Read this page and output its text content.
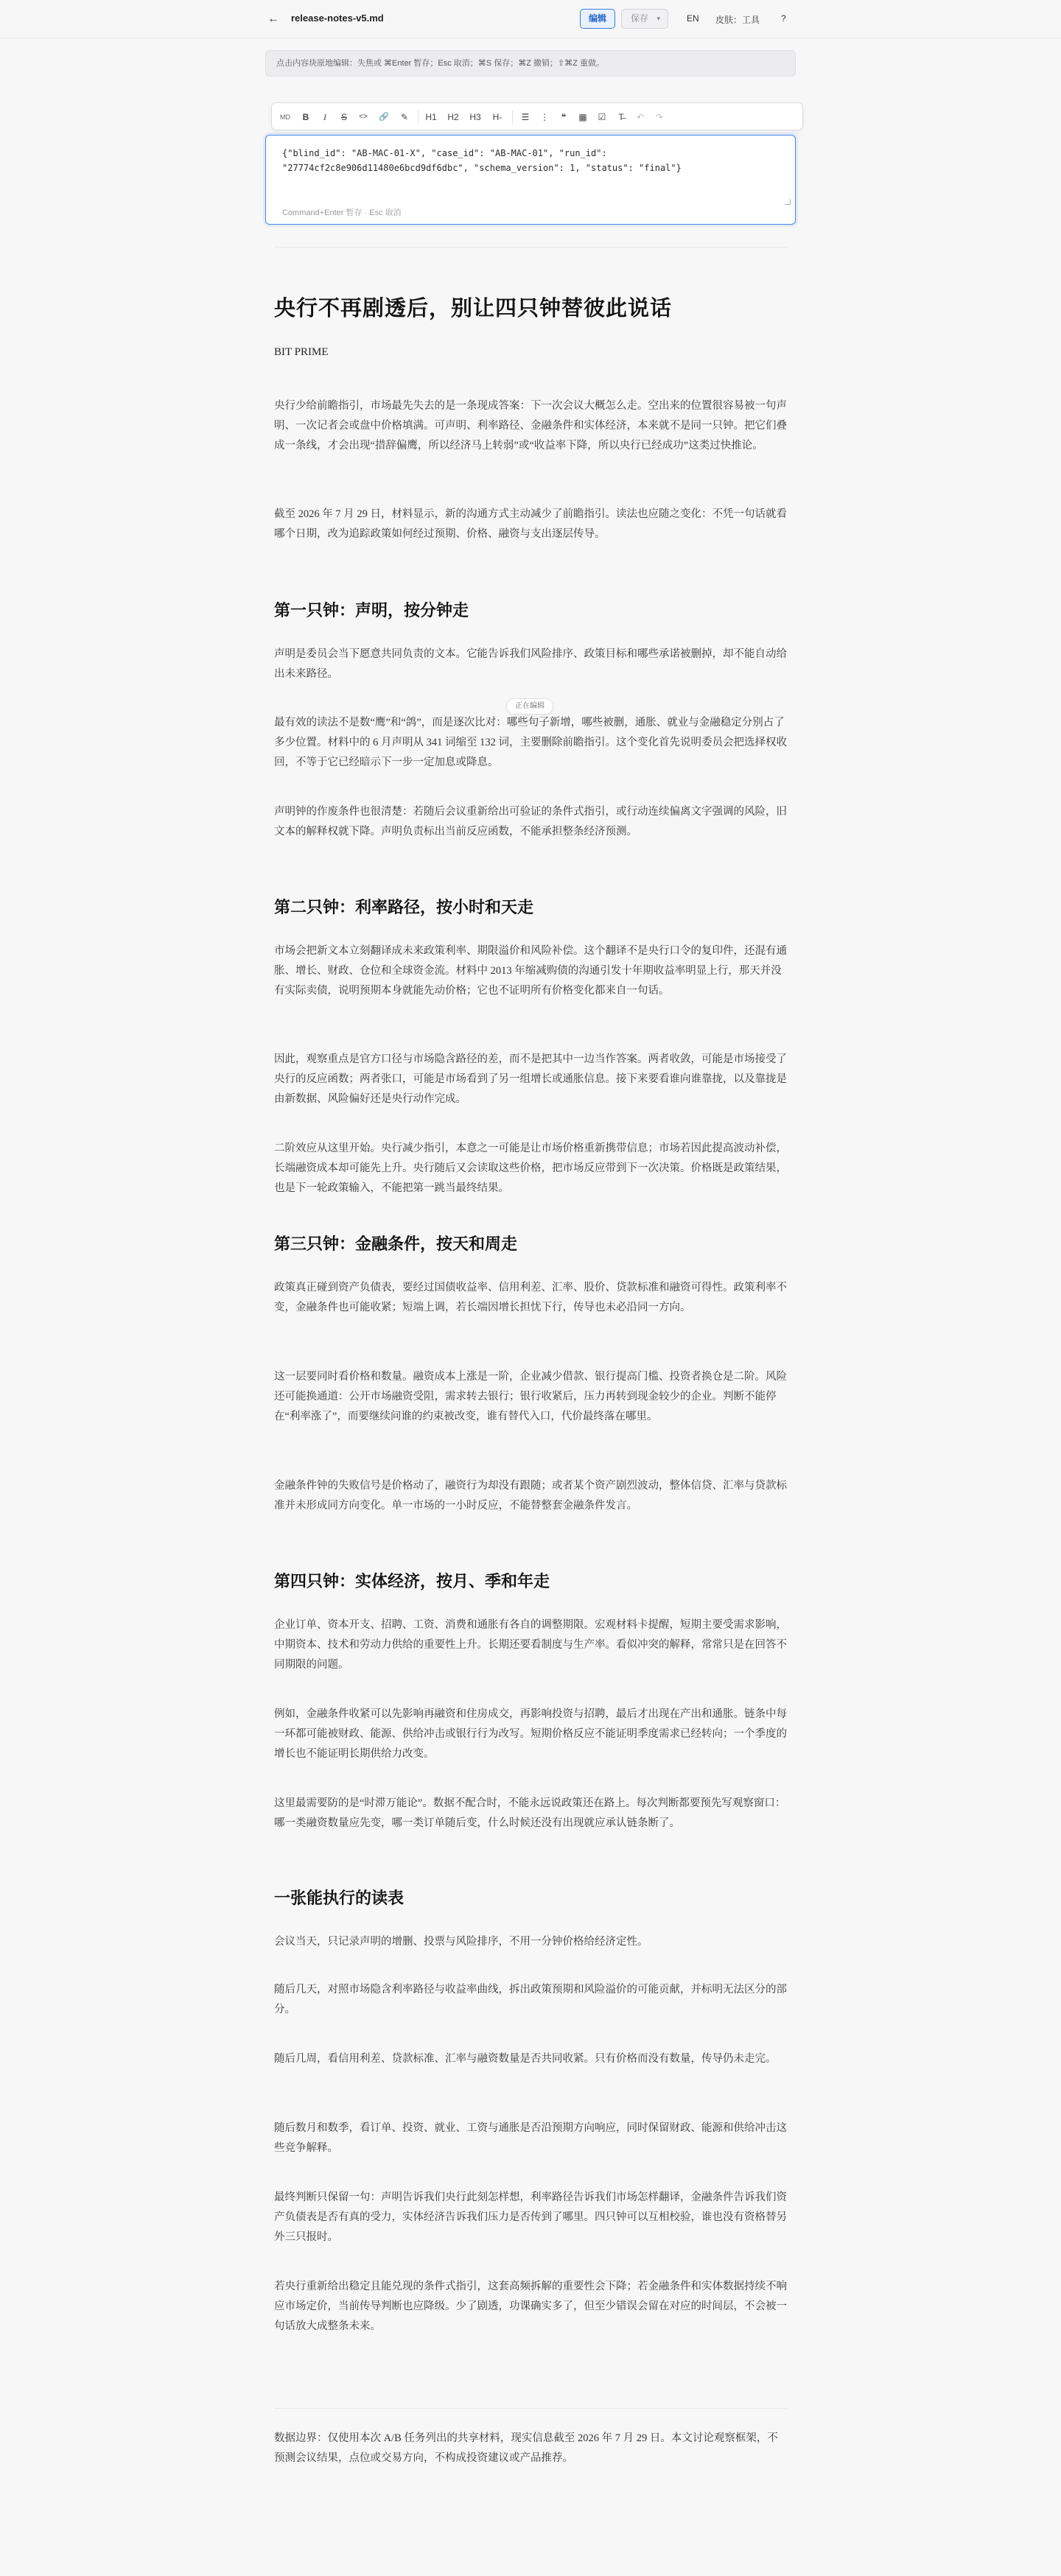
← release-notes-v5.md	编辑	保存 ▾	EN 皮肤：工具 ?
点击内容块原地编辑：失焦或 ⌘Enter 暂存；Esc 取消；⌘S 保存；⌘Z 撤销；⇧⌘Z 重做。
MD	B	I	S	<> 🔗 ✎ H1 H2 H3 H- ☰ ⋮	❝	▦ ☑	T̶	↶ ↷
{"blind_id": "AB-MAC-01-X", "case_id": "AB-MAC-01", "run_id":
"27774cf2c8e906d11480e6bcd9df6dbc", "schema_version": 1, "status": "final"}
Command+Enter 暂存 · Esc 取消
央行不再剧透后，别让四只钟替彼此说话
BIT PRIME
央行少给前瞻指引，市场最先失去的是一条现成答案：下一次会议大概怎么走。空出来的位置很容易被一句声明、一次记者会或盘中价格填满。可声明、利率路径、金融条件和实体经济，本来就不是同一只钟。把它们叠成一条线，才会出现“措辞偏鹰，所以经济马上转弱”或“收益率下降，所以央行已经成功”这类过快推论。
截至 2026 年 7 月 29 日，材料显示，新的沟通方式主动减少了前瞻指引。读法也应随之变化：不凭一句话就看哪个日期，改为追踪政策如何经过预期、价格、融资与支出逐层传导。
第一只钟：声明，按分钟走
声明是委员会当下愿意共同负责的文本。它能告诉我们风险排序、政策目标和哪些承诺被删掉，却不能自动给出未来路径。
最有效的读法不是数“鹰”和“鸽”，而是逐次比对：哪些句子新增，哪些被删，通胀、就业与金融稳定分别占了多少位置。材料中的 6 月声明从 341 词缩至 132 词，主要删除前瞻指引。这个变化首先说明委员会把选择权收回，不等于它已经暗示下一步一定加息或降息。
正在编辑
声明钟的作废条件也很清楚：若随后会议重新给出可验证的条件式指引，或行动连续偏离文字强调的风险，旧文本的解释权就下降。声明负责标出当前反应函数，不能承担整条经济预测。
第二只钟：利率路径，按小时和天走
市场会把新文本立刻翻译成未来政策利率、期限溢价和风险补偿。这个翻译不是央行口令的复印件，还混有通胀、增长、财政、仓位和全球资金流。材料中 2013 年缩减购债的沟通引发十年期收益率明显上行，那天并没有实际卖债，说明预期本身就能先动价格；它也不证明所有价格变化都来自一句话。
因此，观察重点是官方口径与市场隐含路径的差，而不是把其中一边当作答案。两者收敛，可能是市场接受了央行的反应函数；两者张口，可能是市场看到了另一组增长或通胀信息。接下来要看谁向谁靠拢，以及靠拢是由新数据、风险偏好还是央行动作完成。
二阶效应从这里开始。央行减少指引，本意之一可能是让市场价格重新携带信息；市场若因此提高波动补偿，长端融资成本却可能先上升。央行随后又会读取这些价格，把市场反应带到下一次决策。价格既是政策结果，也是下一轮政策输入，不能把第一跳当最终结果。
第三只钟：金融条件，按天和周走
政策真正碰到资产负债表，要经过国债收益率、信用利差、汇率、股价、贷款标准和融资可得性。政策利率不变，金融条件也可能收紧；短端上调，若长端因增长担忧下行，传导也未必沿同一方向。
这一层要同时看价格和数量。融资成本上涨是一阶，企业减少借款、银行提高门槛、投资者换仓是二阶。风险还可能换通道：公开市场融资受阻，需求转去银行；银行收紧后，压力再转到现金较少的企业。判断不能停在“利率涨了”，而要继续问谁的约束被改变，谁有替代入口，代价最终落在哪里。
金融条件钟的失败信号是价格动了，融资行为却没有跟随；或者某个资产剧烈波动，整体信贷、汇率与贷款标准并未形成同方向变化。单一市场的一小时反应，不能替整套金融条件发言。
第四只钟：实体经济，按月、季和年走
企业订单、资本开支、招聘、工资、消费和通胀有各自的调整期限。宏观材料卡提醒，短期主要受需求影响，中期资本、技术和劳动力供给的重要性上升。长期还要看制度与生产率。看似冲突的解释，常常只是在回答不同期限的问题。
例如，金融条件收紧可以先影响再融资和住房成交，再影响投资与招聘，最后才出现在产出和通胀。链条中每一环都可能被财政、能源、供给冲击或银行行为改写。短期价格反应不能证明季度需求已经转向；一个季度的增长也不能证明长期供给力改变。
这里最需要防的是“时滞万能论”。数据不配合时，不能永远说政策还在路上。每次判断都要预先写观察窗口：哪一类融资数量应先变，哪一类订单随后变，什么时候还没有出现就应承认链条断了。
一张能执行的读表
会议当天，只记录声明的增删、投票与风险排序，不用一分钟价格给经济定性。
随后几天，对照市场隐含利率路径与收益率曲线，拆出政策预期和风险溢价的可能贡献，并标明无法区分的部分。
随后几周，看信用利差、贷款标准、汇率与融资数量是否共同收紧。只有价格而没有数量，传导仍未走完。
随后数月和数季，看订单、投资、就业、工资与通胀是否沿预期方向响应，同时保留财政、能源和供给冲击这些竞争解释。
最终判断只保留一句：声明告诉我们央行此刻怎样想，利率路径告诉我们市场怎样翻译，金融条件告诉我们资产负债表是否有真的受力，实体经济告诉我们压力是否传到了哪里。四只钟可以互相校验，谁也没有资格替另外三只报时。
若央行重新给出稳定且能兑现的条件式指引，这套高频拆解的重要性会下降；若金融条件和实体数据持续不响应市场定价，当前传导判断也应降级。少了剧透，功课确实多了，但至少错误会留在对应的时间层，不会被一句话放大成整条未来。
数据边界：仅使用本次 A/B 任务列出的共享材料，现实信息截至 2026 年 7 月 29 日。本文讨论观察框架，不预测会议结果，点位或交易方向，不构成投资建议或产品推荐。
